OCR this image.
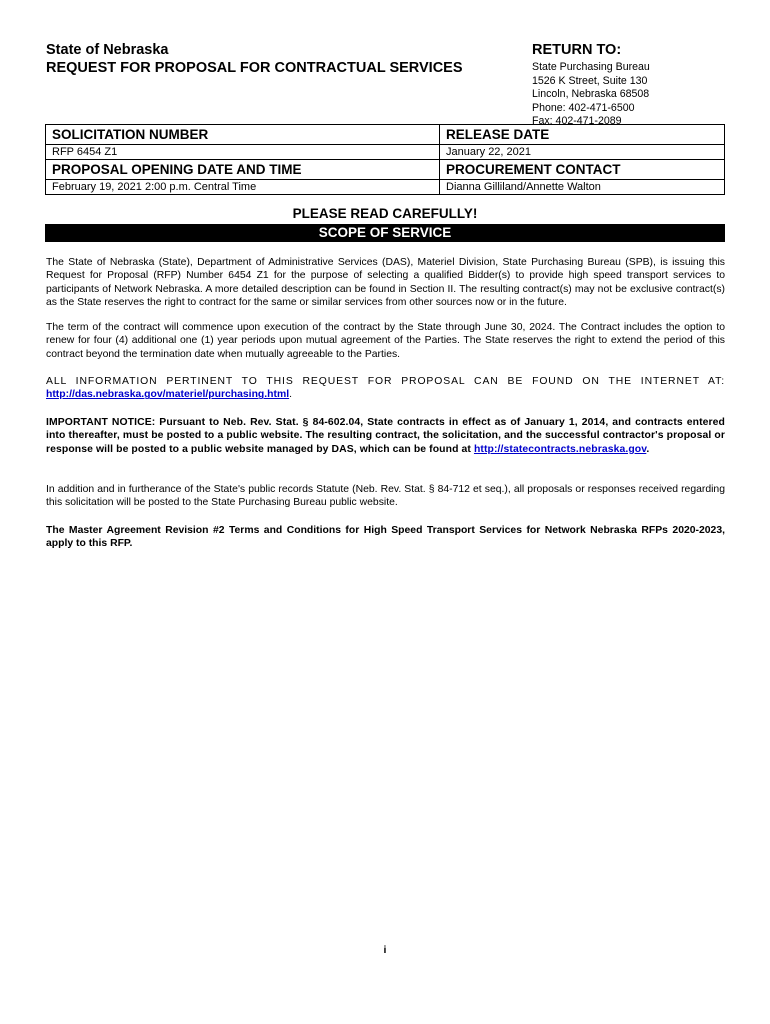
State of Nebraska
REQUEST FOR PROPOSAL FOR CONTRACTUAL SERVICES
RETURN TO:
State Purchasing Bureau
1526 K Street, Suite 130
Lincoln, Nebraska 68508
Phone: 402-471-6500
Fax: 402-471-2089
SOLICITATION NUMBER	RELEASE DATE
RFP 6454 Z1	January 22, 2021
PROPOSAL OPENING DATE AND TIME	PROCUREMENT CONTACT
February 19, 2021 2:00 p.m. Central Time	Dianna Gilliland/Annette Walton
PLEASE READ CAREFULLY!
SCOPE OF SERVICE
The State of Nebraska (State), Department of Administrative Services (DAS), Materiel Division, State Purchasing Bureau (SPB), is issuing this Request for Proposal (RFP) Number 6454 Z1 for the purpose of selecting a qualified Bidder(s) to provide high speed transport services to participants of Network Nebraska. A more detailed description can be found in Section II. The resulting contract(s) may not be exclusive contract(s) as the State reserves the right to contract for the same or similar services from other sources now or in the future.
The term of the contract will commence upon execution of the contract by the State through June 30, 2024. The Contract includes the option to renew for four (4) additional one (1) year periods upon mutual agreement of the Parties. The State reserves the right to extend the period of this contract beyond the termination date when mutually agreeable to the Parties.
ALL INFORMATION PERTINENT TO THIS REQUEST FOR PROPOSAL CAN BE FOUND ON THE INTERNET AT: http://das.nebraska.gov/materiel/purchasing.html.
IMPORTANT NOTICE: Pursuant to Neb. Rev. Stat. § 84-602.04, State contracts in effect as of January 1, 2014, and contracts entered into thereafter, must be posted to a public website. The resulting contract, the solicitation, and the successful contractor's proposal or response will be posted to a public website managed by DAS, which can be found at http://statecontracts.nebraska.gov.
In addition and in furtherance of the State's public records Statute (Neb. Rev. Stat. § 84-712 et seq.), all proposals or responses received regarding this solicitation will be posted to the State Purchasing Bureau public website.
The Master Agreement Revision #2 Terms and Conditions for High Speed Transport Services for Network Nebraska RFPs 2020-2023, apply to this RFP.
i
